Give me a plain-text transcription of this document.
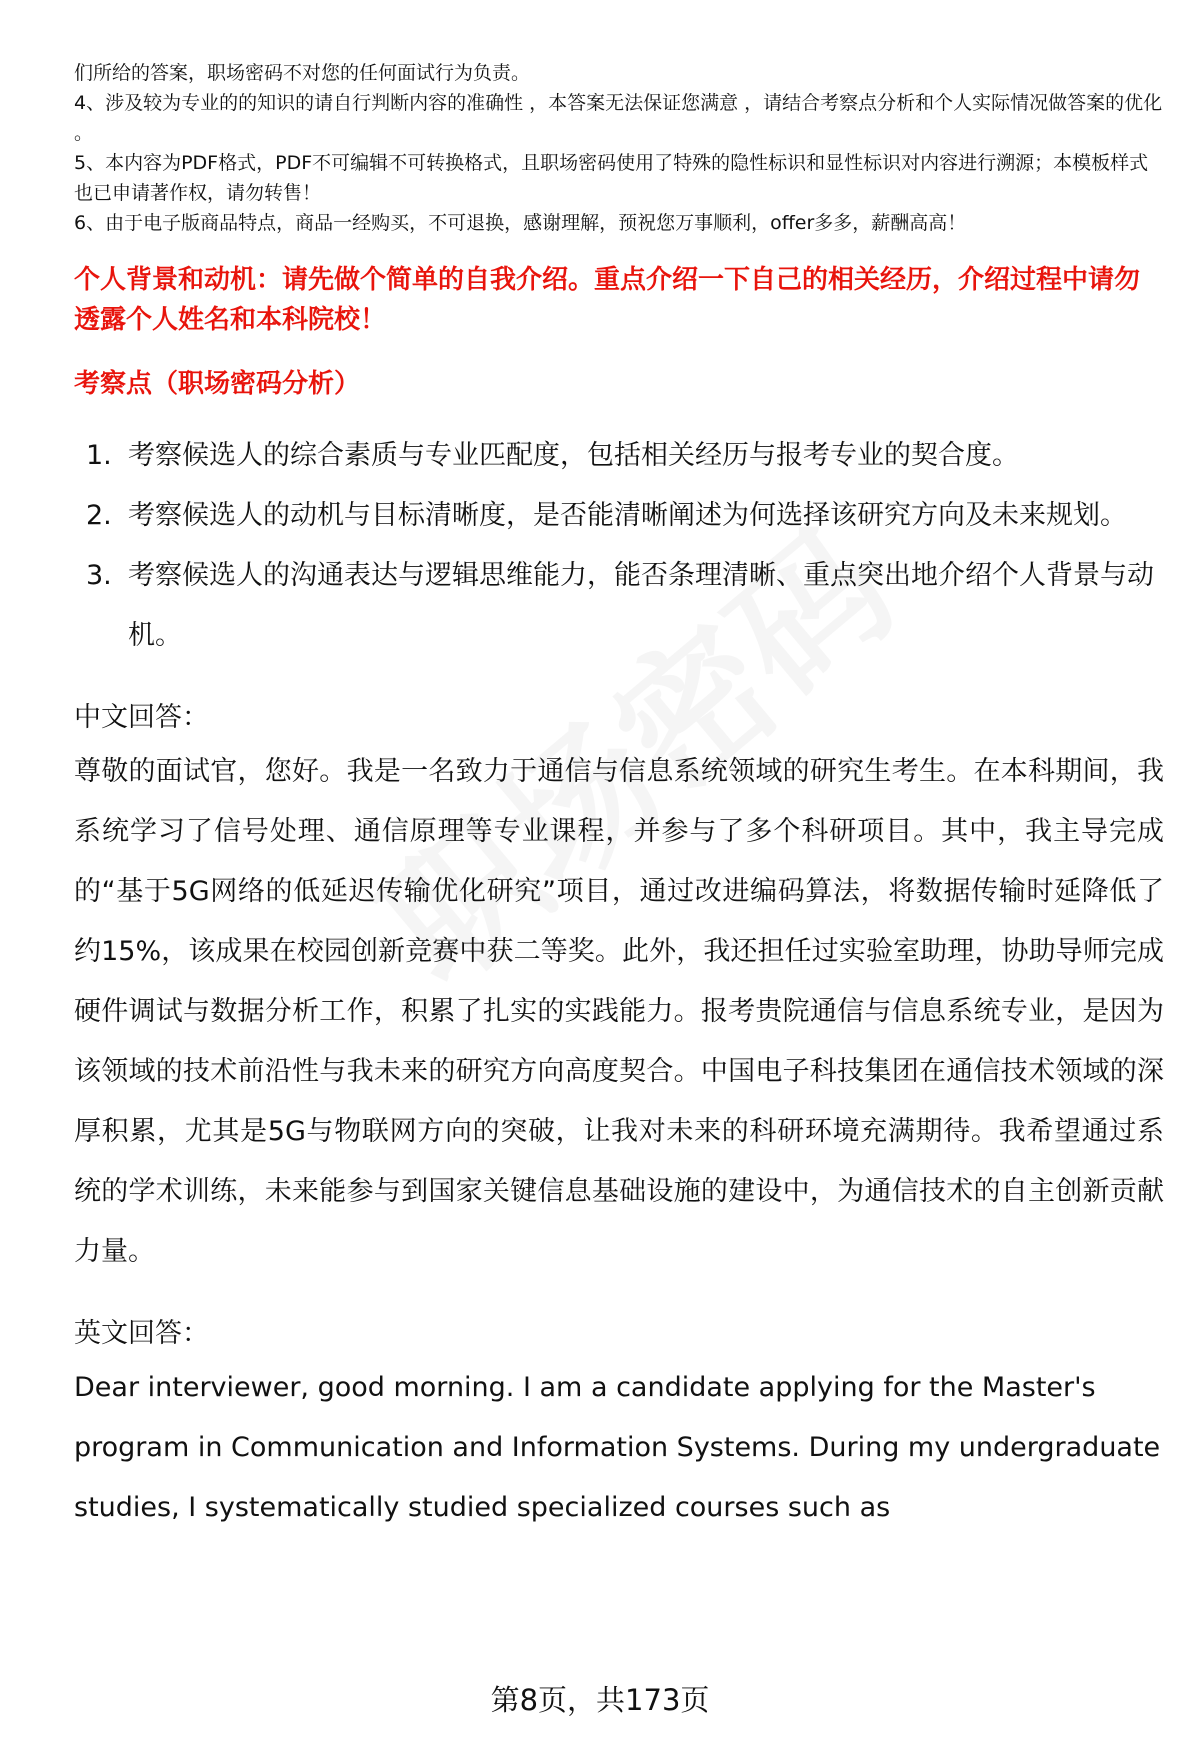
们所给的答案，职场密码不对您的任何面试行为负责。

4、涉及较为专业的的知识的请自行判断内容的准确性 ，本答案无法保证您满意 ，请结合考察点分析和个人实际情况做答案的优化 。

5、本内容为PDF格式，PDF不可编辑不可转换格式，且职场密码使用了特殊的隐性标识和显性标识对内容进行溯源；本模板样式也已申请著作权，请勿转售！

6、由于电子版商品特点，商品一经购买，不可退换，感谢理解，预祝您万事顺利，offer多多，薪酬高高！

个人背景和动机：请先做个简单的自我介绍。重点介绍一下自己的相关经历，介绍过程中请勿透露个人姓名和本科院校！

考察点（职场密码分析）

1. 考察候选人的综合素质与专业匹配度，包括相关经历与报考专业的契合度。
2. 考察候选人的动机与目标清晰度，是否能清晰阐述为何选择该研究方向及未来规划。
3. 考察候选人的沟通表达与逻辑思维能力，能否条理清晰、重点突出地介绍个人背景与动机。

中文回答：

尊敬的面试官，您好。我是一名致力于通信与信息系统领域的研究生考生。在本科期间，我系统学习了信号处理、通信原理等专业课程，并参与了多个科研项目。其中，我主导完成的“基于5G网络的低延迟传输优化研究”项目，通过改进编码算法，将数据传输时延降低了约15%，该成果在校园创新竞赛中获二等奖。此外，我还担任过实验室助理，协助导师完成硬件调试与数据分析工作，积累了扎实的实践能力。报考贵院通信与信息系统专业，是因为该领域的技术前沿性与我未来的研究方向高度契合。中国电子科技集团在通信技术领域的深厚积累，尤其是5G与物联网方向的突破，让我对未来的科研环境充满期待。我希望通过系统的学术训练，未来能参与到国家关键信息基础设施的建设中，为通信技术的自主创新贡献力量。

英文回答：

Dear interviewer, good morning. I am a candidate applying for the Master's program in Communication and Information Systems. During my undergraduate studies, I systematically studied specialized courses such as

第8页，共173页
